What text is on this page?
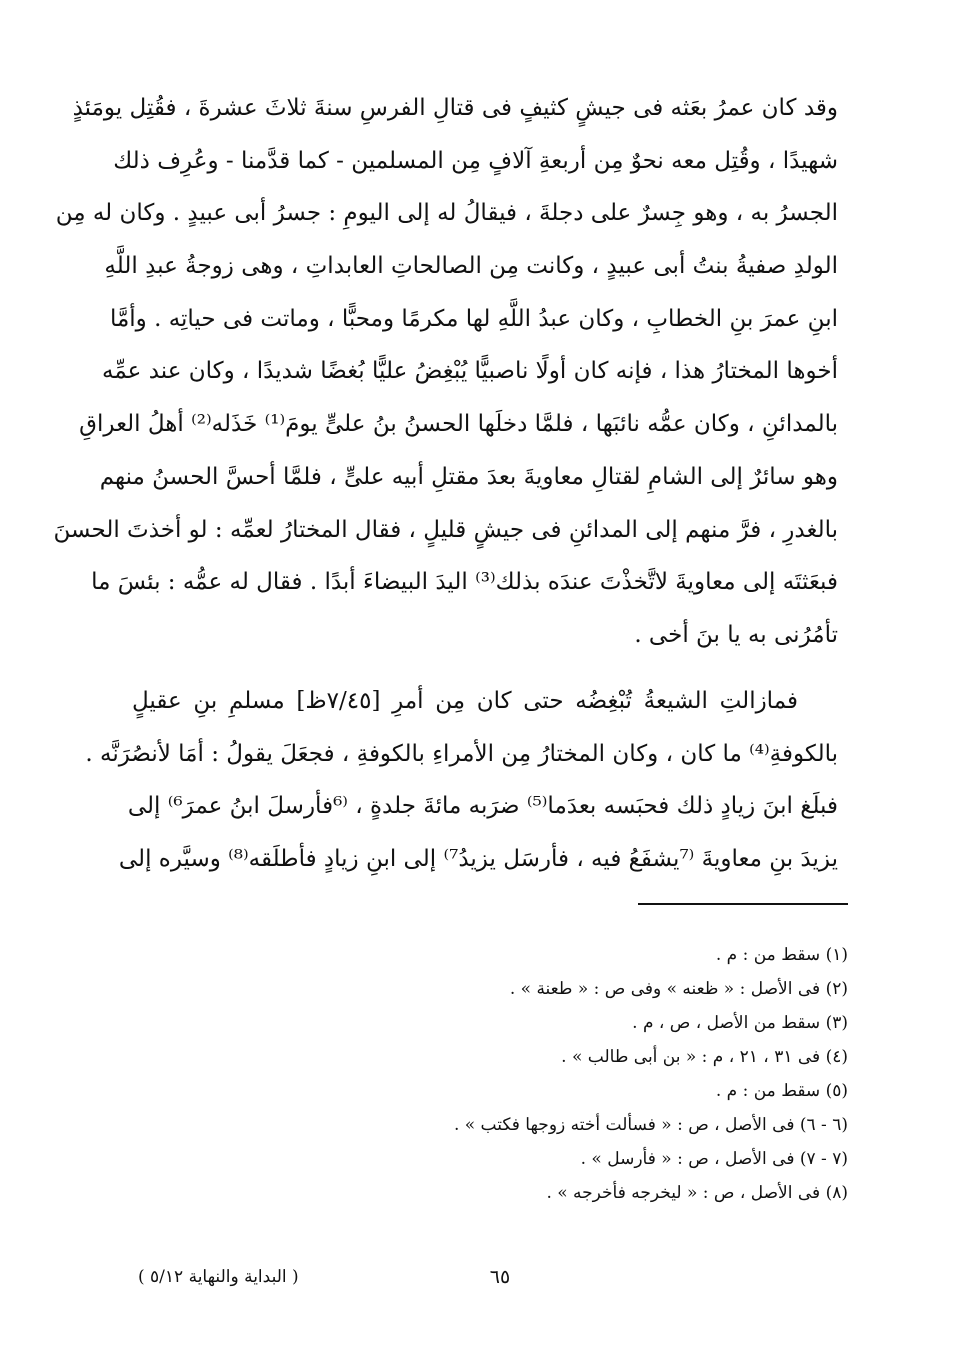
وقد كان عمرُ بعَثه فى جيشٍ كثيفٍ فى قتالِ الفرسِ سنةَ ثلاثَ عشرةَ ، فقُتِل يومَئذٍ
شهيدًا ، وقُتِل معه نحوٌ مِن أربعةِ آلافٍ مِن المسلمين - كما قدَّمنا - وعُرِف ذلك
الجسرُ به ، وهو جِسرٌ على دجلةَ ، فيقالُ له إلى اليومِ : جسرُ أبى عبيدٍ . وكان له مِن
الولدِ صفيةُ بنتُ أبى عبيدٍ ، وكانت مِن الصالحاتِ العابداتِ ، وهى زوجةُ عبدِ اللَّهِ
ابنِ عمرَ بنِ الخطابِ ، وكان عبدُ اللَّهِ لها مكرمًا ومحبًّا ، وماتت فى حياتِه . وأمَّا
أخوها المختارُ هذا ، فإنه كان أولًا ناصبيًّا يُبْغِضُ عليًّا بُغضًا شديدًا ، وكان عند عمِّه
بالمدائنِ ، وكان عمُّه نائبَها ، فلمَّا دخلَها الحسنُ بنُ علىٍّ يومَ⁽¹⁾ خَذَله⁽²⁾ أهلُ العراقِ
وهو سائرٌ إلى الشامِ لقتالِ معاويةَ بعدَ مقتلِ أبيه علىٍّ ، فلمَّا أحسَّ الحسنُ منهم
بالغدرِ ، فرَّ منهم إلى المدائنِ فى جيشٍ قليلٍ ، فقال المختارُ لعمِّه : لو أخذتَ الحسنَ
فبعَثتَه إلى معاويةَ لاتَّخذْتَ عندَه بذلك⁽³⁾ اليدَ البيضاءَ أبدًا . فقال له عمُّه : بئسَ ما
تأمُرُنى به يا بنَ أخى .
فمازالتِ الشيعةُ تُبْغِضُه حتى كان مِن أمرِ [٧/٤٥ظ] مسلمِ بنِ عقيلٍ
بالكوفةِ⁽⁴⁾ ما كان ، وكان المختارُ مِن الأمراءِ بالكوفةِ ، فجعَلَ يقولُ : أمَا لأنصُرَنَّه .
فبلَغ ابنَ زيادٍ ذلك فحبَسه بعدَما⁽⁵⁾ ضرَبه مائةَ جلدةٍ ، ⁽⁶فأرسلَ ابنُ عمرَ⁶⁾ إلى
يزيدَ بنِ معاويةَ ⁽⁷يشفَعُ فيه ، فأرسَل يزيدُ⁷⁾ إلى ابنِ زيادٍ فأطلَقه⁽⁸⁾ وسيَّره إلى
(١) سقط من : م .
(٢) فى الأصل : « ظعنه » وفى ص : « طعنة » .
(٣) سقط من الأصل ، ص ، م .
(٤) فى ٣١ ، ٢١ ، م : « بن أبى طالب » .
(٥) سقط من : م .
(٦ - ٦) فى الأصل ، ص : « فسألت أخته زوجها فكتب » .
(٧ - ٧) فى الأصل ، ص : « فأرسل » .
(٨) فى الأصل ، ص : « ليخرجه فأخرجه » .
٦٥
( البداية والنهاية ٥/١٢ )
